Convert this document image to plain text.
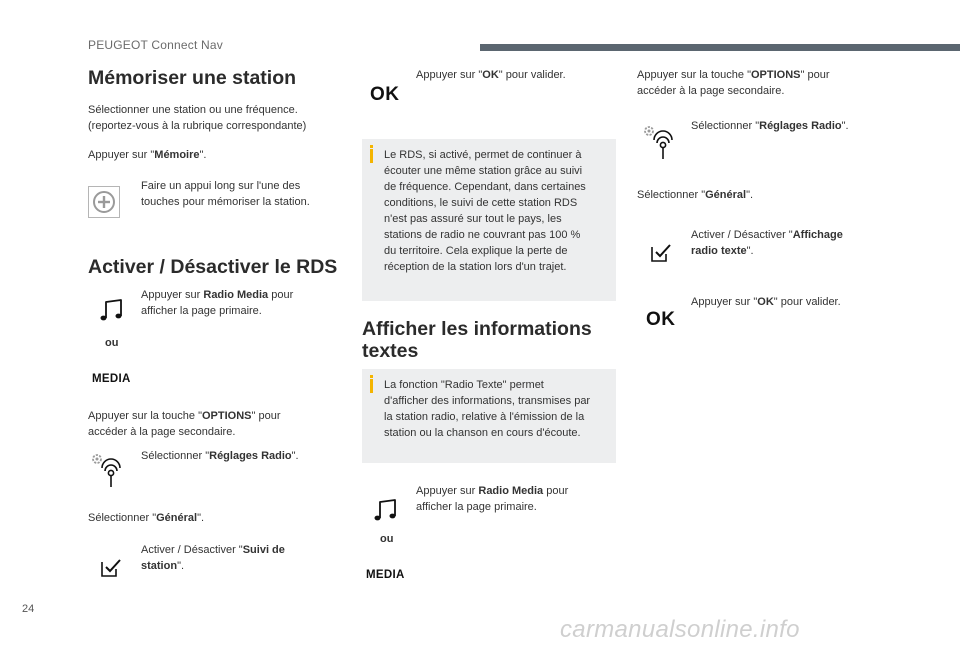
PEUGEOT Connect Nav
Mémoriser une station
Sélectionner une station ou une fréquence.
(reportez-vous à la rubrique correspondante)
Appuyer sur "Mémoire".
Faire un appui long sur l'une des
touches pour mémoriser la station.
Activer / Désactiver le RDS
Appuyer sur Radio Media pour
afficher la page primaire.
ou
MEDIA
Appuyer sur la touche "OPTIONS" pour
accéder à la page secondaire.
Sélectionner "Réglages Radio".
Sélectionner "Général".
Activer / Désactiver "Suivi de
station".
OK
Appuyer sur "OK" pour valider.
Le RDS, si activé, permet de continuer à
écouter une même station grâce au suivi
de fréquence. Cependant, dans certaines
conditions, le suivi de cette station RDS
n'est pas assuré sur tout le pays, les
stations de radio ne couvrant pas 100 %
du territoire. Cela explique la perte de
réception de la station lors d'un trajet.
Afficher les informations
textes
La fonction "Radio Texte" permet
d'afficher des informations, transmises par
la station radio, relative à l'émission de la
station ou la chanson en cours d'écoute.
Appuyer sur Radio Media pour
afficher la page primaire.
ou
MEDIA
Appuyer sur la touche "OPTIONS" pour
accéder à la page secondaire.
Sélectionner "Réglages Radio".
Sélectionner "Général".
Activer / Désactiver "Affichage
radio texte".
OK
Appuyer sur "OK" pour valider.
24
carmanualsonline.info
